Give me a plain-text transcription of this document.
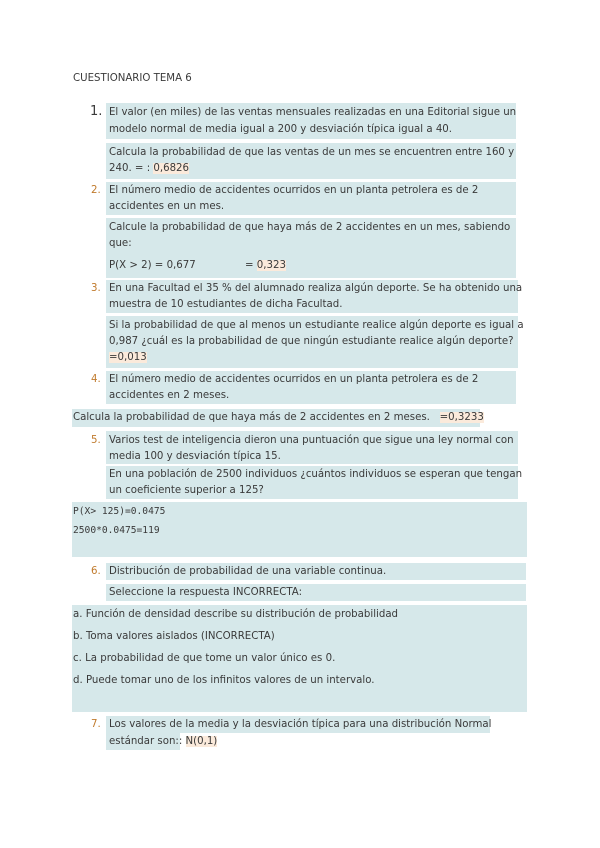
CUESTIONARIO TEMA 6
1. El valor (en miles) de las ventas mensuales realizadas en una Editorial sigue un
modelo normal de media igual a 200 y desviación típica igual a 40.
Calcula la probabilidad de que las ventas de un mes se encuentren entre 160 y
240. = : 0,6826
2. El número medio de accidentes ocurridos en un planta petrolera es de 2
accidentes en un mes.
Calcule la probabilidad de que haya más de 2 accidentes en un mes, sabiendo
que:
P(X > 2) = 0,677	= 0,323
3. En una Facultad el 35 % del alumnado realiza algún deporte. Se ha obtenido una
muestra de 10 estudiantes de dicha Facultad.
Si la probabilidad de que al menos un estudiante realice algún deporte es igual a
0,987 ¿cuál es la probabilidad de que ningún estudiante realice algún deporte?
=0,013
4. El número medio de accidentes ocurridos en un planta petrolera es de 2
accidentes en 2 meses.
Calcula la probabilidad de que haya más de 2 accidentes en 2 meses. =0,3233
5. Varios test de inteligencia dieron una puntuación que sigue una ley normal con
media 100 y desviación típica 15.
En una población de 2500 individuos ¿cuántos individuos se esperan que tengan
un coeficiente superior a 125?
P(X> 125)=0.0475
2500*0.0475=119
6. Distribución de probabilidad de una variable continua.
Seleccione la respuesta INCORRECTA:
a. Función de densidad describe su distribución de probabilidad
b. Toma valores aislados (INCORRECTA)
c. La probabilidad de que tome un valor único es 0.
d. Puede tomar uno de los infinitos valores de un intervalo.
7. Los valores de la media y la desviación típica para una distribución Normal
estándar son:: N(0,1)
